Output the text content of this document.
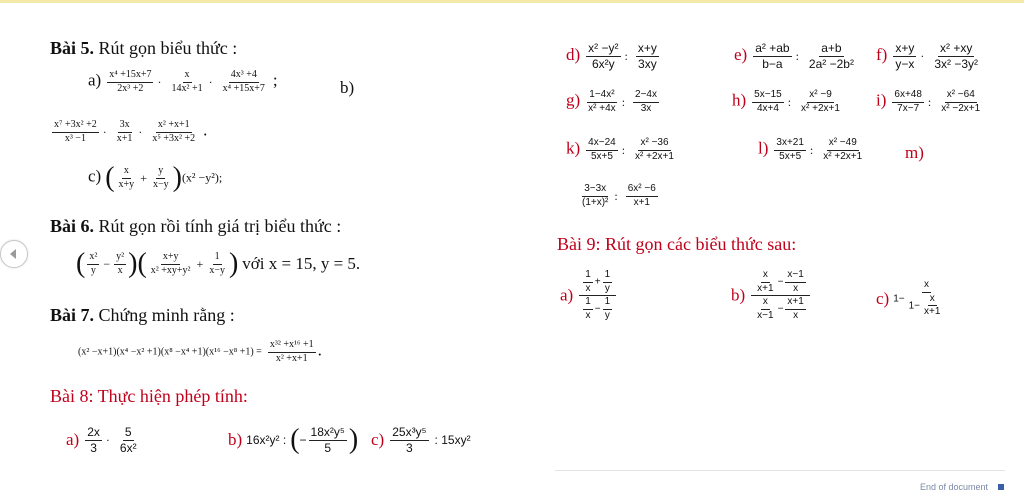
Bài 5. Rút gọn biểu thức :
$a) \frac{\text{x⁴ +15x+7}}{\text{2x³ +2}} \cdot \frac{x}{\text{14x² +1}} \cdot \frac{\text{4x³ +4}}{\text{x⁴ +15x+7}}$ ;	b)
$\frac{\text{x⁷ +3x² +2}}{\text{x³ −1}} \cdot \frac{3x}{x+1} \cdot \frac{\text{x² +x+1}}{\text{x⁵ +3x² +2}}$ .
c) ( $\frac{x}{x+y} + \frac{y}{x-y} )(x^2 -y^2)$;
$d) \frac{\text{x² −y²}}{\text{6x²y}}$ : $\frac{x+y}{3xy}$	$e) \frac{\text{a² +ab}}{b-a}$ : $\frac{a+b}{\text{2a² −2b²}} f) \frac{x+y}{y-x} \cdot \frac{\text{x² +xy}}{\text{3x² −3y²}}$
$g) \frac{\text{1−4x²}}{\text{x² +4x}}$ : $\frac{2-4x}{3x}$	$h) \frac{5x-15}{4x+4}$ : $\frac{\text{x² −9}}{\text{x² +2x+1}} i) \frac{6x+48}{7x-7}$ : $\frac{\text{x² −64}}{\text{x² −2x+1}}$
$k) \frac{4x-24}{5x+5}$ : $\frac{\text{x² −36}}{\text{x² +2x+1}}$	$l) \frac{3x+21}{5x+5}$ : $\frac{\text{x² −49}}{\text{x² +2x+1}} m$)
$\frac{3-3x}{\text{(1+x)²}}$ : $\frac{\text{6x² −6}}{x+1}$
Bài 6. Rút gọn rồi tính giá trị biểu thức :
( $\frac{\text{x²}}{y} - \frac{\text{y²}}{x}$ )( $\frac{x+y}{\text{x² +xy+y²}} + \frac{1}{x-y}$ ) với x = 15, y = 5.
Bài 9: Rút gọn các biểu thức sau:
$a) \frac{\frac{1}{x} + \frac{1}{y}}{\frac{1}{x} - \frac{1}{y}}$	$b) \frac{\frac{x}{x+1} - \frac{x-1}{x}}{\frac{x}{x-1} - \frac{x+1}{x}}$	c) $1- \frac{x}{1- \frac{x}{x+1}}$
Bài 7. Chứng minh rằng :
$(x^2 -x+1)(x^4 -x^2 +1)(x^8 -x^4 +1)(x^{16} -x^8 +1) = \frac{\text{x³² +x¹⁶ +1}}{\text{x² +x+1}}$ .
Bài 8: Thực hiện phép tính:
$a) \frac{2x}{3} \cdot \frac{5}{\text{6x²}}$	b) 16x²y² : (− $\frac{\text{18x²y⁵}}{5}$ ) $c) \frac{\text{25x³y⁵}}{3}$ : 15xy²
End of document
